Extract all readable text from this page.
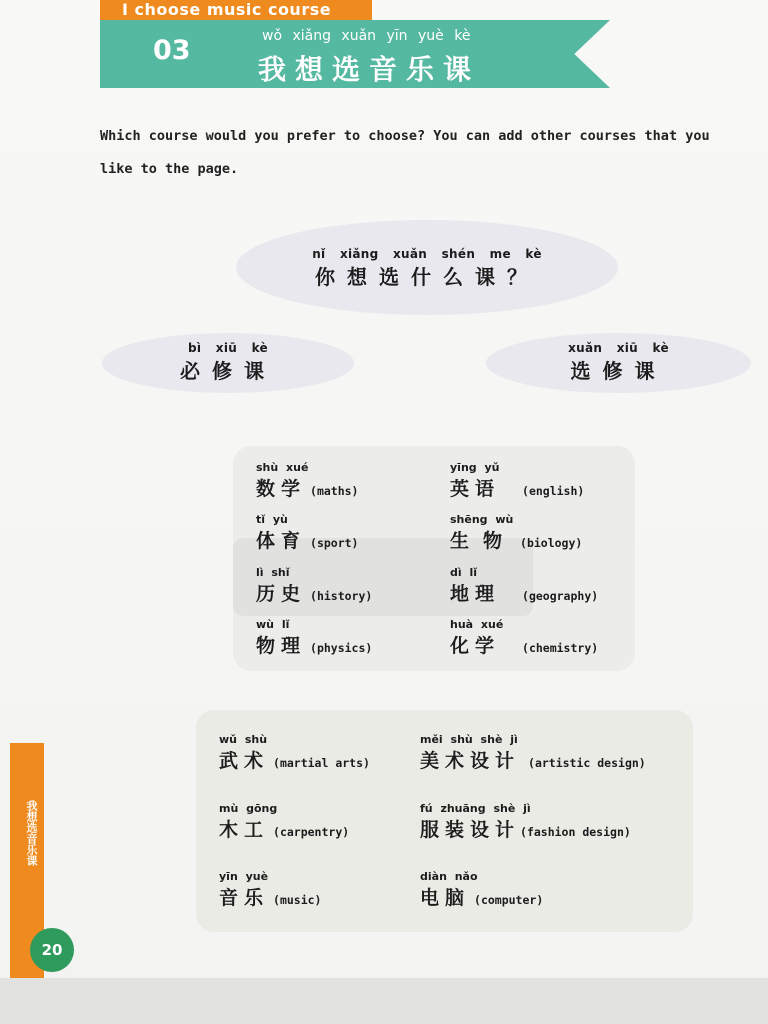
I choose music course
03	wǒ xiǎng xuǎn yīn yuè kè
我想选音乐课
Which course would you prefer to choose? You can add other courses that you like to the page.
nǐ xiǎng xuǎn shén me kè
你想选什么课？
bì xiū kè
必修课
xuǎn xiū kè
选修课
shù xué
数学 (maths)
yīng yǔ
英语 (english)
tǐ yù
体育 (sport)
shēng wù
生物 (biology)
lì shǐ
历史 (history)
dì lǐ
地理 (geography)
wù lǐ
物理 (physics)
huà xué
化学 (chemistry)
wǔ shù
武术 (martial arts)
měi shù shè jì
美术设计 (artistic design)
mù gōng
木工 (carpentry)
fú zhuāng shè jì
服装设计(fashion design)
yīn yuè
音乐 (music)
diàn nǎo
电脑 (computer)
我想选音乐课
20
